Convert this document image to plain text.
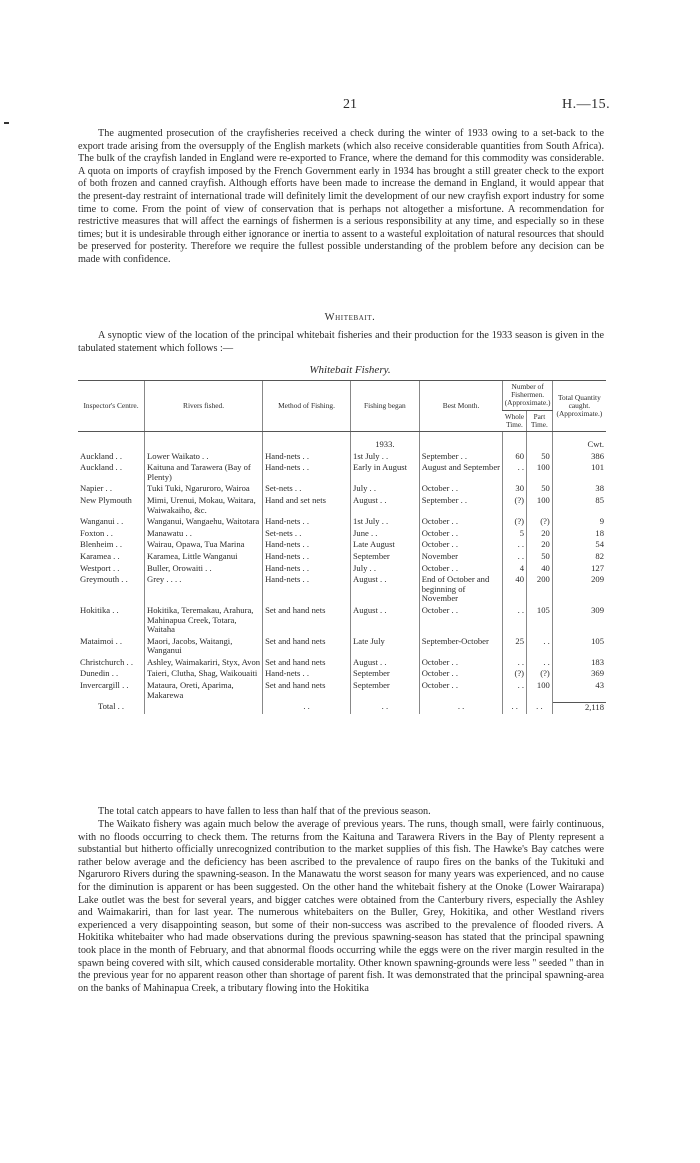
21	H.—15.

The augmented prosecution of the crayfisheries received a check during the winter of 1933 owing to a set-back to the export trade arising from the oversupply of the English markets (which also receive considerable quantities from South Africa). The bulk of the crayfish landed in England were re-exported to France, where the demand for this commodity was considerable. A quota on imports of crayfish imposed by the French Government early in 1934 has brought a still greater check to the export of both frozen and canned crayfish. Although efforts have been made to increase the demand in England, it would appear that the present-day restraint of international trade will definitely limit the development of our new crayfish export industry for some time to come. From the point of view of conservation that is perhaps not altogether a misfortune. A recommendation for restrictive measures that will affect the earnings of fishermen is a serious responsibility at any time, and especially so in these times; but it is undesirable through either ignorance or inertia to assent to a wasteful exploitation of natural resources that should be preserved for posterity. Therefore we require the fullest possible understanding of the problem before any decision can be made with confidence.

Whitebait.

A synoptic view of the location of the principal whitebait fisheries and their production for the 1933 season is given in the tabulated statement which follows :—

Whitebait Fishery.
Inspector's Centre.	Rivers fished.	Method of Fishing.	Fishing began	Best Month.	Number of Fishermen. (Approximate.)		Total Quantity caught. (Approximate.)
					Whole Time.	Part Time.	

			1933.				Cwt.
Auckland . .	Lower Waikato . .	Hand-nets . .	1st July . .	September . .	60	50	386
Auckland . .	Kaituna and Tarawera (Bay of Plenty)	Hand-nets . .	Early in August	August and September	. .	100	101
Napier . .	Tuki Tuki, Ngaruroro, Wairoa	Set-nets . .	July . .	October . .	30	50	38
New Plymouth	Mimi, Urenui, Mokau, Waitara, Waiwakaiho, &c.	Hand and set nets	August . .	September . .	(?)	100	85
Wanganui . .	Wanganui, Wangaehu, Waitotara	Hand-nets . .	1st July . .	October . .	(?)	(?)	9
Foxton . .	Manawatu . .	Set-nets . .	June . .	October . .	5	20	18
Blenheim . .	Wairau, Opawa, Tua Marina	Hand-nets . .	Late August	October . .	. .	20	54
Karamea . .	Karamea, Little Wanganui	Hand-nets . .	September	November	. .	50	82
Westport . .	Buller, Orowaiti . .	Hand-nets . .	July . .	October . .	4	40	127
Greymouth . .	Grey . . . .	Hand-nets . .	August . .	End of October and beginning of November	40	200	209
Hokitika . .	Hokitika, Teremakau, Arahura, Mahinapua Creek, Totara, Waitaha	Set and hand nets	August . .	October . .	. .	105	309
Mataimoi . .	Maori, Jacobs, Waitangi, Wanganui	Set and hand nets	Late July	September-October	25	. .	105
Christchurch . .	Ashley, Waimakariri, Styx, Avon	Set and hand nets	August . .	October . .	. .	. .	183
Dunedin . .	Taieri, Clutha, Shag, Waikouaiti	Hand-nets . .	September	October . .	(?)	(?)	369
Invercargill . .	Mataura, Oreti, Aparima, Makarewa	Set and hand nets	September	October . .	. .	100	43
Total . .		. .	. .	. .	. .	. .	2,118

The total catch appears to have fallen to less than half that of the previous season.

The Waikato fishery was again much below the average of previous years. The runs, though small, were fairly continuous, with no floods occurring to check them. The returns from the Kaituna and Tarawera Rivers in the Bay of Plenty represent a substantial but hitherto officially unrecognized contribution to the market supplies of this fish. The Hawke's Bay catches were rather below average and the deficiency has been ascribed to the prevalence of raupo fires on the banks of the Tukituki and Ngaruroro Rivers during the spawning-season. In the Manawatu the worst season for many years was experienced, and no cause for the diminution is apparent or has been suggested. On the other hand the whitebait fishery at the Onoke (Lower Wairarapa) Lake outlet was the best for several years, and bigger catches were obtained from the Canterbury rivers, especially the Ashley and Waimakariri, than for last year. The numerous whitebaiters on the Buller, Grey, Hokitika, and other Westland rivers experienced a very disappointing season, but some of their non-success was ascribed to the prevalence of flooded rivers. A Hokitika whitebaiter who had made observations during the previous spawning-season has stated that the principal spawning took place in the month of February, and that abnormal floods occurring while the eggs were on the river margin resulted in the spawn being covered with silt, which caused considerable mortality. Other known spawning-grounds were less " seeded " than in the previous year for no apparent reason other than shortage of parent fish. It was demonstrated that the principal spawning-area on the banks of Mahinapua Creek, a tributary flowing into the Hokitika
